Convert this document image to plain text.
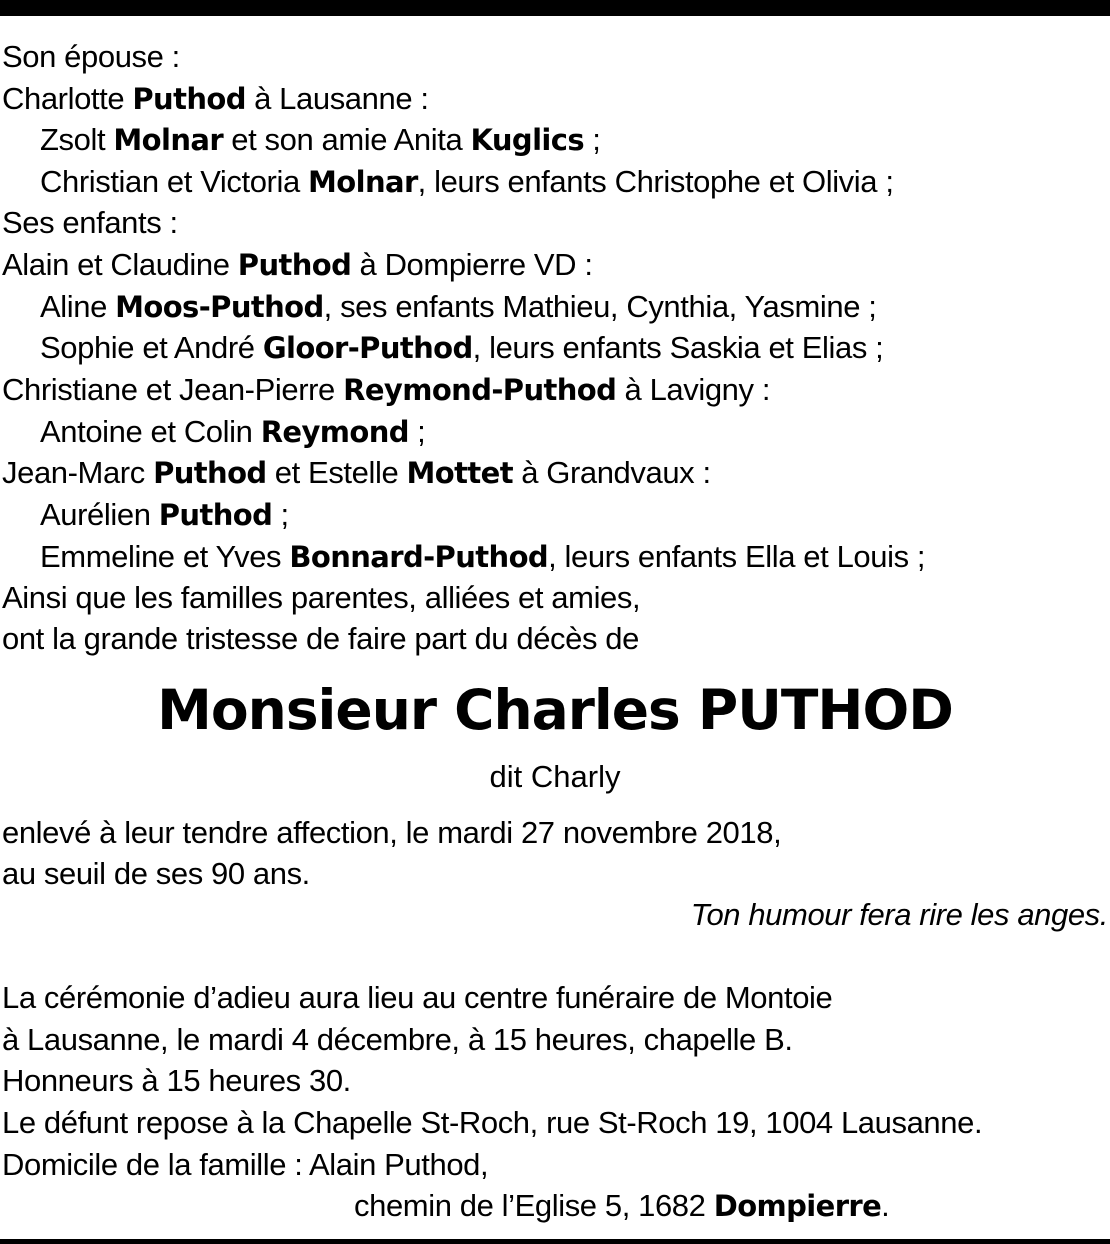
Son épouse :
Charlotte Puthod à Lausanne :
Zsolt Molnar et son amie Anita Kuglics ;
Christian et Victoria Molnar, leurs enfants Christophe et Olivia ;
Ses enfants :
Alain et Claudine Puthod à Dompierre VD :
Aline Moos-Puthod, ses enfants Mathieu, Cynthia, Yasmine ;
Sophie et André Gloor-Puthod, leurs enfants Saskia et Elias ;
Christiane et Jean-Pierre Reymond-Puthod à Lavigny :
Antoine et Colin Reymond ;
Jean-Marc Puthod et Estelle Mottet à Grandvaux :
Aurélien Puthod ;
Emmeline et Yves Bonnard-Puthod, leurs enfants Ella et Louis ;
Ainsi que les familles parentes, alliées et amies,
ont la grande tristesse de faire part du décès de
Monsieur Charles PUTHOD
dit Charly
enlevé à leur tendre affection, le mardi 27 novembre 2018,
au seuil de ses 90 ans.
Ton humour fera rire les anges.
La cérémonie d’adieu aura lieu au centre funéraire de Montoie
à Lausanne, le mardi 4 décembre, à 15 heures, chapelle B.
Honneurs à 15 heures 30.
Le défunt repose à la Chapelle St-Roch, rue St-Roch 19, 1004 Lausanne.
Domicile de la famille : Alain Puthod,
chemin de l’Eglise 5, 1682 Dompierre.
